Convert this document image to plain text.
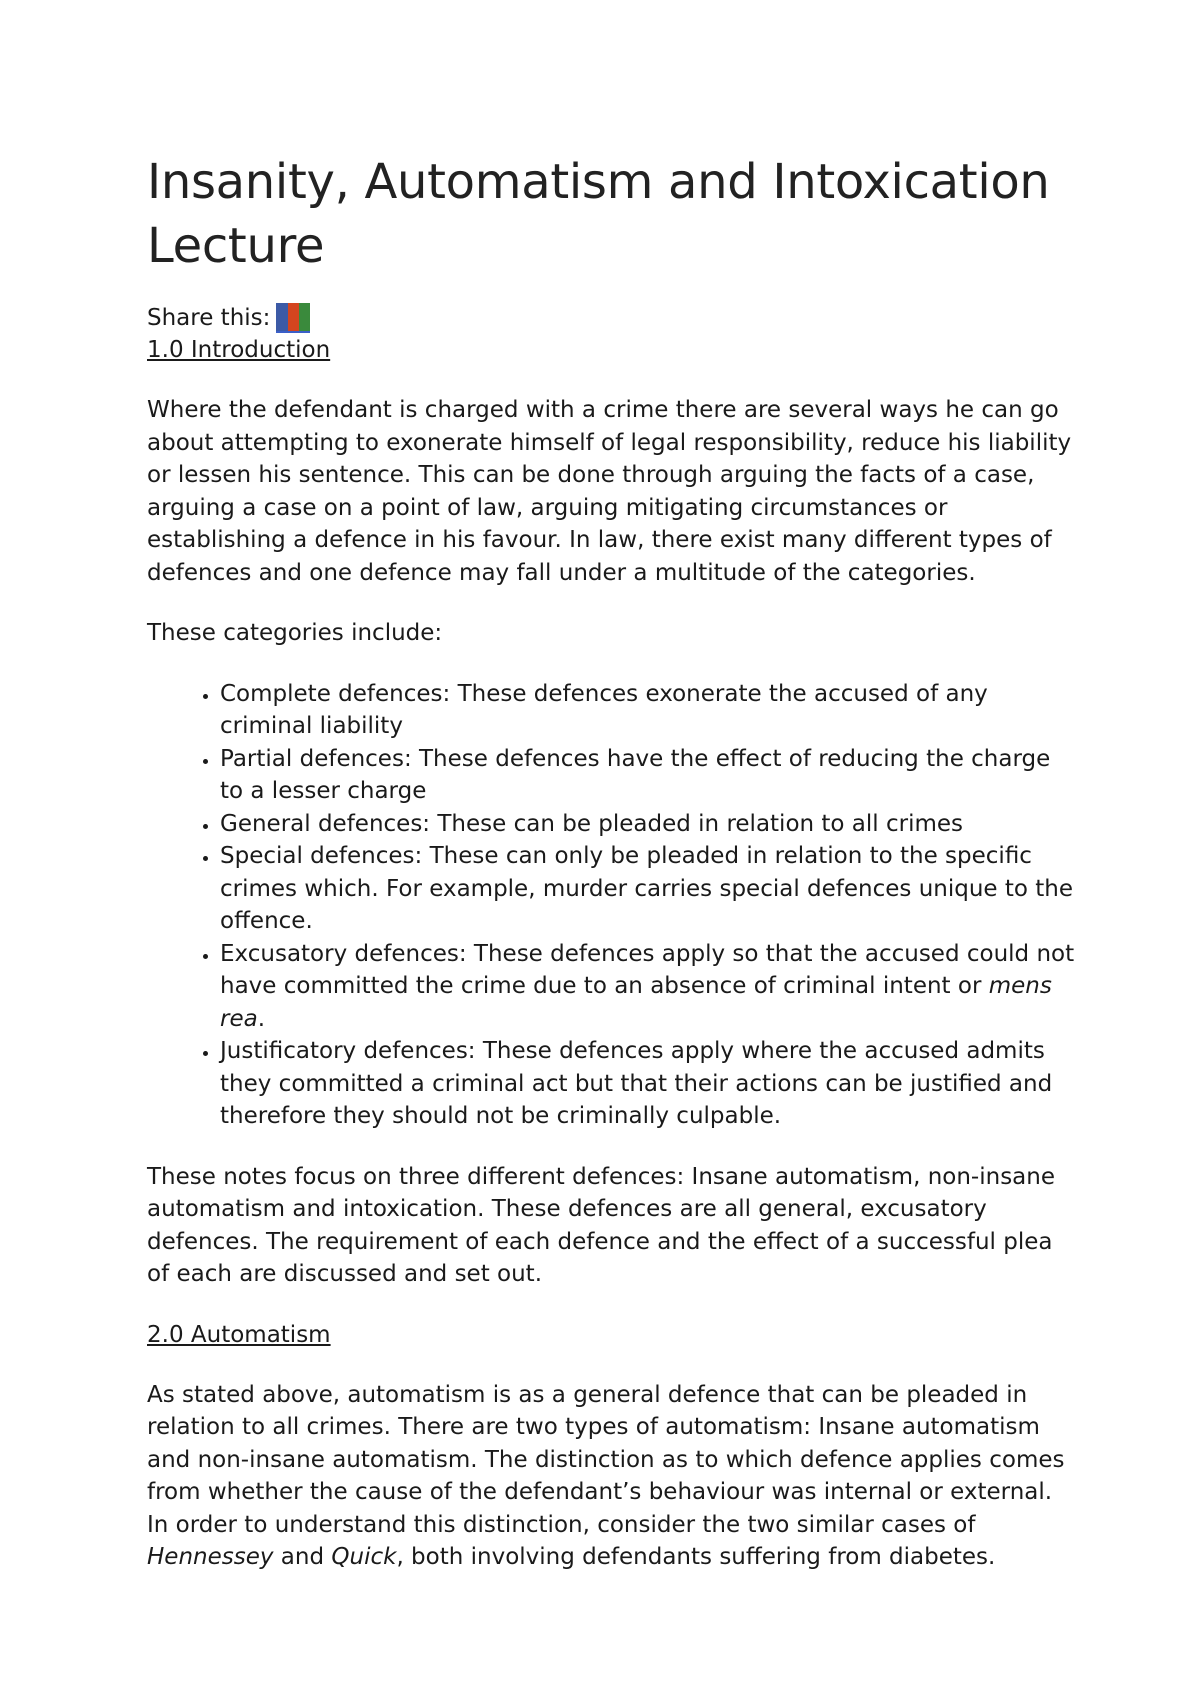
Insanity, Automatism and Intoxication Lecture
Share this:
1.0 Introduction

Where the defendant is charged with a crime there are several ways he can go about attempting to exonerate himself of legal responsibility, reduce his liability or lessen his sentence. This can be done through arguing the facts of a case, arguing a case on a point of law, arguing mitigating circumstances or establishing a defence in his favour. In law, there exist many different types of defences and one defence may fall under a multitude of the categories.

These categories include:

• Complete defences: These defences exonerate the accused of any criminal liability
• Partial defences: These defences have the effect of reducing the charge to a lesser charge
• General defences: These can be pleaded in relation to all crimes
• Special defences: These can only be pleaded in relation to the specific crimes which. For example, murder carries special defences unique to the offence.
• Excusatory defences: These defences apply so that the accused could not have committed the crime due to an absence of criminal intent or mens rea.
• Justificatory defences: These defences apply where the accused admits they committed a criminal act but that their actions can be justified and therefore they should not be criminally culpable.

These notes focus on three different defences: Insane automatism, non-insane automatism and intoxication. These defences are all general, excusatory defences. The requirement of each defence and the effect of a successful plea of each are discussed and set out.

2.0 Automatism

As stated above, automatism is as a general defence that can be pleaded in relation to all crimes. There are two types of automatism: Insane automatism and non-insane automatism. The distinction as to which defence applies comes from whether the cause of the defendant’s behaviour was internal or external. In order to understand this distinction, consider the two similar cases of Hennessey and Quick, both involving defendants suffering from diabetes.
